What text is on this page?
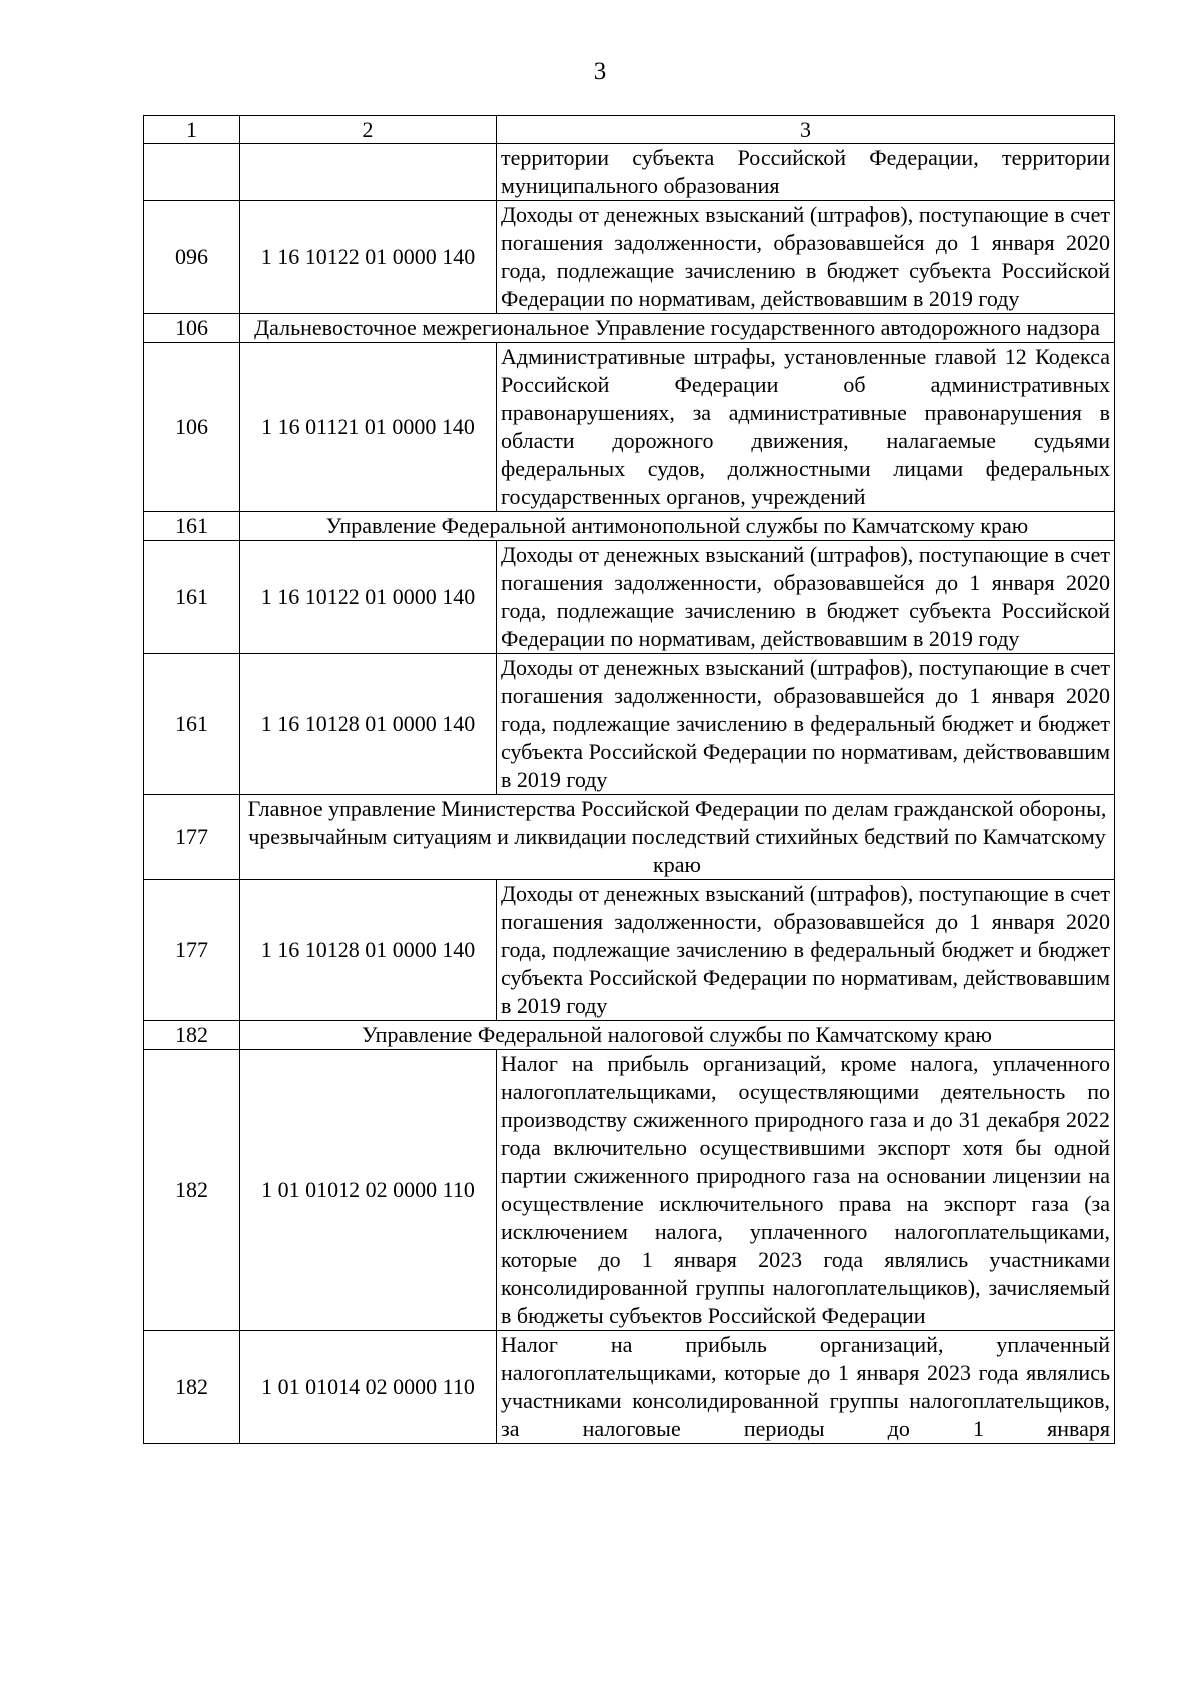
3
1	2	3
		территории субъекта Российской Федерации, территории муниципального образования
096	1 16 10122 01 0000 140	Доходы от денежных взысканий (штрафов), поступающие в счет погашения задолженности, образовавшейся до 1 января 2020 года, подлежащие зачислению в бюджет субъекта Российской Федерации по нормативам, действовавшим в 2019 году
106	Дальневосточное межрегиональное Управление государственного автодорожного надзора	
106	1 16 01121 01 0000 140	Административные штрафы, установленные главой 12 Кодекса Российской Федерации об административных правонарушениях, за административные правонарушения в области дорожного движения, налагаемые судьями федеральных судов, должностными лицами федеральных государственных органов, учреждений
161	Управление Федеральной антимонопольной службы по Камчатскому краю	
161	1 16 10122 01 0000 140	Доходы от денежных взысканий (штрафов), поступающие в счет погашения задолженности, образовавшейся до 1 января 2020 года, подлежащие зачислению в бюджет субъекта Российской Федерации по нормативам, действовавшим в 2019 году
161	1 16 10128 01 0000 140	Доходы от денежных взысканий (штрафов), поступающие в счет погашения задолженности, образовавшейся до 1 января 2020 года, подлежащие зачислению в федеральный бюджет и бюджет субъекта Российской Федерации по нормативам, действовавшим в 2019 году
177	Главное управление Министерства Российской Федерации по делам гражданской обороны, чрезвычайным ситуациям и ликвидации последствий стихийных бедствий по Камчатскому краю	
177	1 16 10128 01 0000 140	Доходы от денежных взысканий (штрафов), поступающие в счет погашения задолженности, образовавшейся до 1 января 2020 года, подлежащие зачислению в федеральный бюджет и бюджет субъекта Российской Федерации по нормативам, действовавшим в 2019 году
182	Управление Федеральной налоговой службы по Камчатскому краю	
182	1 01 01012 02 0000 110	Налог на прибыль организаций, кроме налога, уплаченного налогоплательщиками, осуществляющими деятельность по производству сжиженного природного газа и до 31 декабря 2022 года включительно осуществившими экспорт хотя бы одной партии сжиженного природного газа на основании лицензии на осуществление исключительного права на экспорт газа (за исключением налога, уплаченного налогоплательщиками, которые до 1 января 2023 года являлись участниками консолидированной группы налогоплательщиков), зачисляемый в бюджеты субъектов Российской Федерации
182	1 01 01014 02 0000 110	Налог на прибыль организаций, уплаченный налогоплательщиками, которые до 1 января 2023 года являлись участниками консолидированной группы налогоплательщиков, за налоговые периоды до 1 января
